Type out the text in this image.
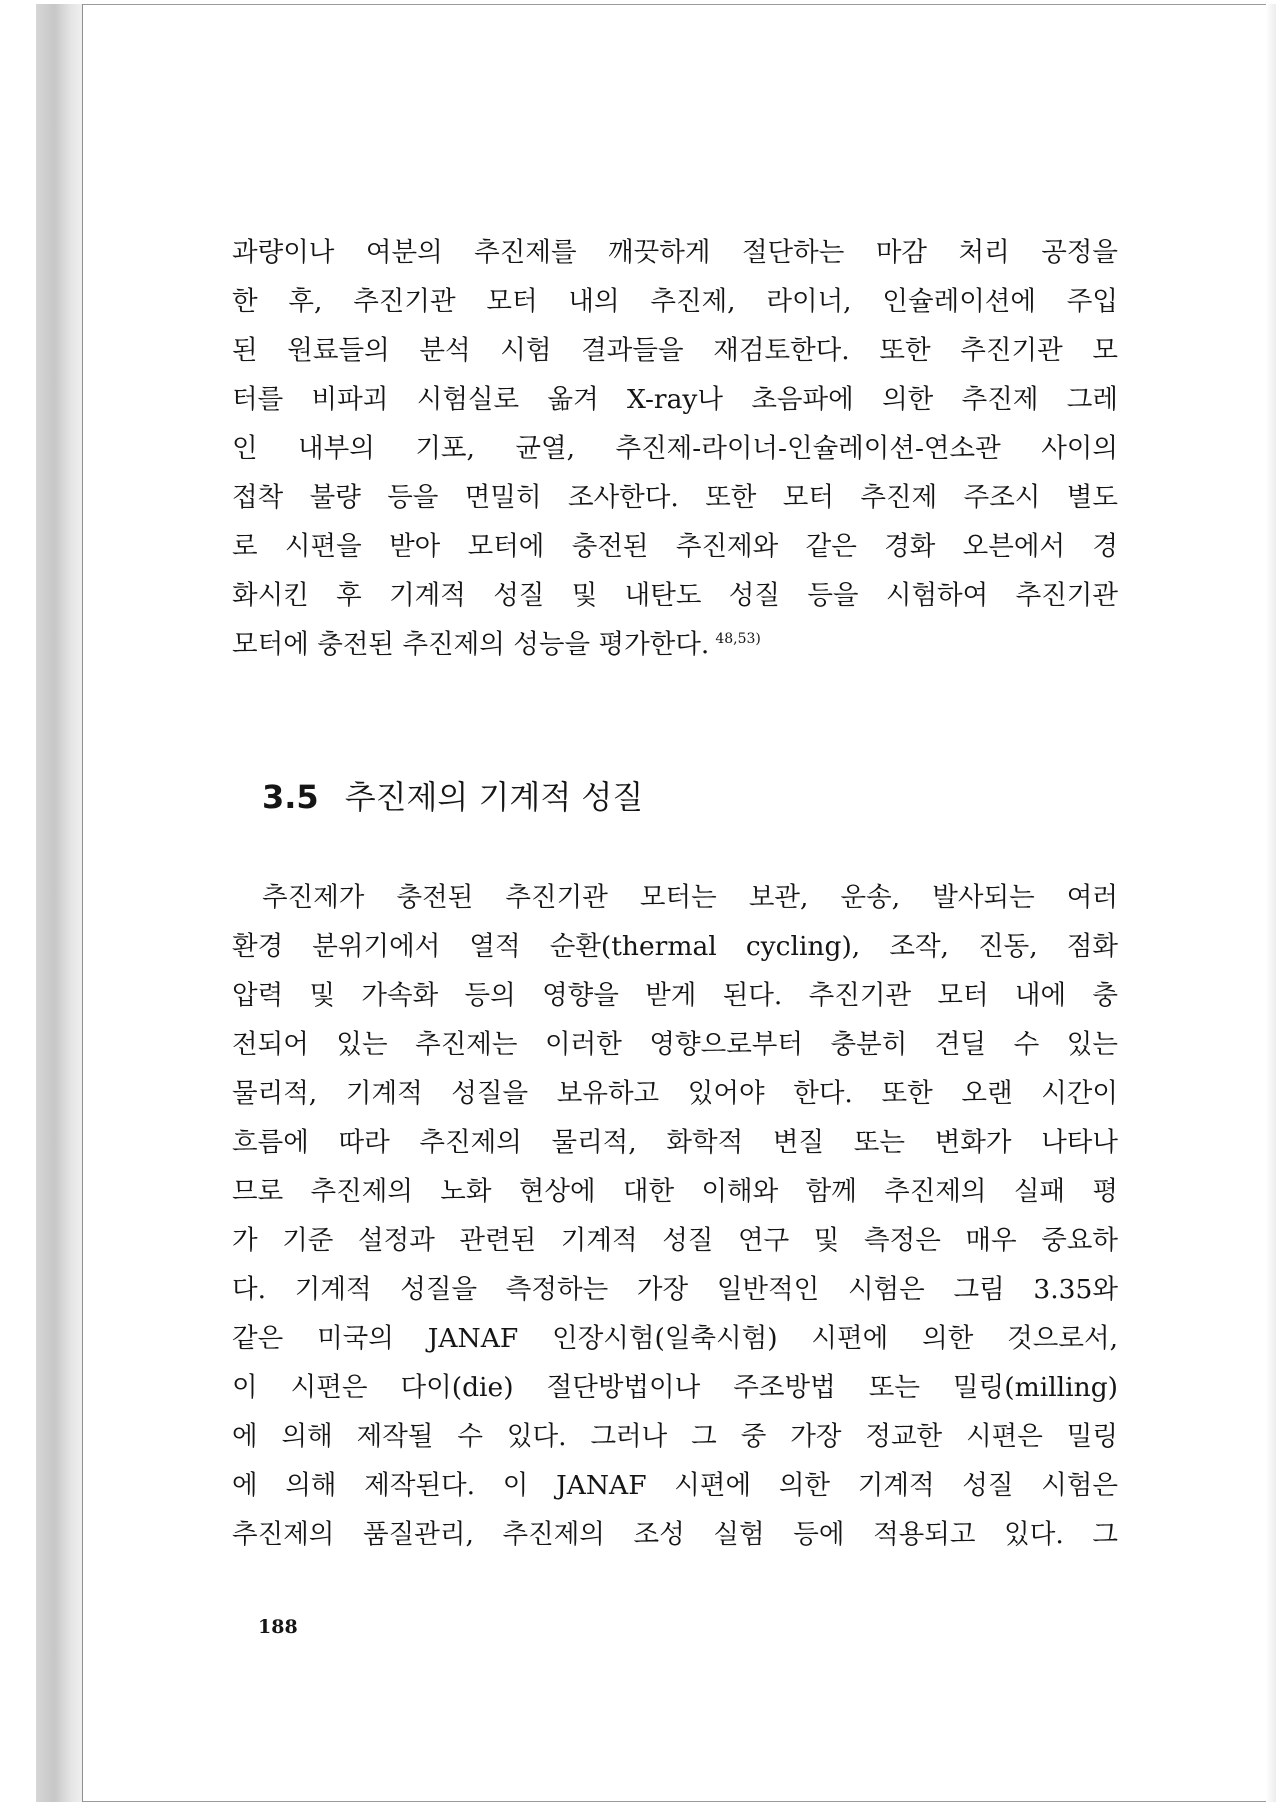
과량이나 여분의 추진제를 깨끗하게 절단하는 마감 처리 공정을
한 후, 추진기관 모터 내의 추진제, 라이너, 인슐레이션에 주입
된 원료들의 분석 시험 결과들을 재검토한다. 또한 추진기관 모
터를 비파괴 시험실로 옮겨 X-ray나 초음파에 의한 추진제 그레
인 내부의 기포, 균열, 추진제-라이너-인슐레이션-연소관 사이의
접착 불량 등을 면밀히 조사한다. 또한 모터 추진제 주조시 별도
로 시편을 받아 모터에 충전된 추진제와 같은 경화 오븐에서 경
화시킨 후 기계적 성질 및 내탄도 성질 등을 시험하여 추진기관
모터에 충전된 추진제의 성능을 평가한다. $^{48,53)}$
3.5 추진제의 기계적 성질
추진제가 충전된 추진기관 모터는 보관, 운송, 발사되는 여러
환경 분위기에서 열적 순환(thermal cycling), 조작, 진동, 점화
압력 및 가속화 등의 영향을 받게 된다. 추진기관 모터 내에 충
전되어 있는 추진제는 이러한 영향으로부터 충분히 견딜 수 있는
물리적, 기계적 성질을 보유하고 있어야 한다. 또한 오랜 시간이
흐름에 따라 추진제의 물리적, 화학적 변질 또는 변화가 나타나
므로 추진제의 노화 현상에 대한 이해와 함께 추진제의 실패 평
가 기준 설정과 관련된 기계적 성질 연구 및 측정은 매우 중요하
다. 기계적 성질을 측정하는 가장 일반적인 시험은 그림 3.35와
같은 미국의 JANAF 인장시험(일축시험) 시편에 의한 것으로서,
이 시편은 다이(die) 절단방법이나 주조방법 또는 밀링(milling)
에 의해 제작될 수 있다. 그러나 그 중 가장 정교한 시편은 밀링
에 의해 제작된다. 이 JANAF 시편에 의한 기계적 성질 시험은
추진제의 품질관리, 추진제의 조성 실험 등에 적용되고 있다. 그
188
